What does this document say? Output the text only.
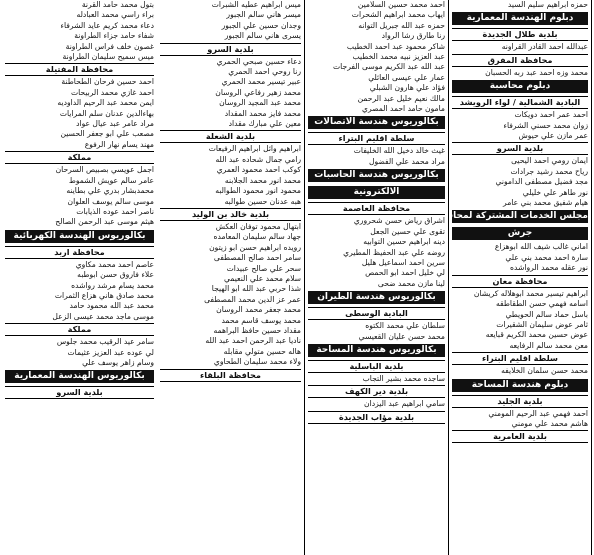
بتول محمد حامد القرنة
براء راسي محمد العبادله
دعاء محمد كريم عايد الشرفاء
شفاء حامد جزاء الطراونة
غصون خلف فراس الطراونة
ميس سميح سليمان الطراونة
محافظة المفتيلة
احمد حسين فرحان الطحاطنة
احمد غازي محمد الربيحات
ايمن محمد عبد الرحيم الداوديه
بهاءالدين عدنان سلم المرايات
مراد عامر عبد عيال عواد
مصعب علي ابو جعفر الحسين
مهند يسام نهار الرفوع
مملكة
اجمل عويسي بصبيص السرحان
عامر سالم عويش الشموط
محمدبشار بدري علي بطاينه
موسى سالم يوسف العلوان
ناصر احمد عوده الذيابات
هيثم موسى عبد الرحمن الصالح
بكالوريوس الهندسة الكهربائية
محافظة اربد
عاصم احمد محمد مكاوي
علاء فاروق حسن ابوطبه
محمد يسام مرشد رواشده
محمد صادق هاني هزاع الثمرات
محمد عبد الله محمود حامد
موسى ماجد محمد عيسى الزعل
مملكة
سامر عيد الرقيب محمد جلوس
لي عوده عبد العزيز عثيمات
وسام زاهر يوسف علي
بكالوريوس الهندسة المعمارية
بلدية السرو
ميس ابراهيم عطيه الشبرات
ميسر هاني سالم الجبور
وجدان حسين علي الجبور
يسرى هاني سالم الجبور
بلدية السرو
دعاء حسين صبحي الحمري
رنا روحي احمد الحمري
عبير تيسير محمد الحمري
محمد زهير رفاعي الروسان
محمد عبد المجيد الروسان
محمد فايز محمد المقداد
معين علي مبارك مقداد
بلدية الشعلة
ابراهيم وائل ابراهيم الرفيعات
رامي جمال شحاده عبد الله
كوكب احمد محمود العمري
محمد انور محمد الجلابنه
محمود انور محمود الطوالبه
هبه عدنان حسين طوالبه
بلدية خالد بن الوليد
ابتهال محمود توفان العكش
جهاد سالم سليمان المعامده
رويده ابراهيم حسن ابو زيتون
سامر احمد صالح المصطفى
سحر علي صالح عبيدات
سلام محمد علي النعيمي
شذا حربي عبد الله ابو الهيجا
عمر عز الدين محمد المصطفى
محمد جعفر محمد الروسان
محمد يوسف قاسم محمد
مقداد حسين حافظ البراهمه
ناديا عبد الرحمن احمد عبد الله
هاله حسين متولي مقابله
ولاء محمد سليمان الطحاوي
محافظة البلقاء
احمد محمد حسين السلامين
ايهاب محمد ابراهيم الشحرات
حمزه عبد الله جبريل التوانه
رنا طارق رشا الرواد
شاكر محمود عبد احمد الخطيب
عبد العزيز نبيه محمد الخطيب
عبد الله عبد الكريم موسى الفرجات
عمار علي عيسى العائلي
فؤاد علي هارون الشبلي
مالك نعيم خليل عبد الرحمن
مامون حامد احمد المصري
بكالوريوس هندسة الاتصالات
سلطة اقليم البتراء
غيث خالد دخيل الله الخليفات
مراد محمد علي الفضول
بكالوريوس هندسة الحاسبات
الالكترونية
محافظة العاصمة
اشراق رياض حسن شحروري
تقوى علي حسين الجعل
دينه ابراهيم حسين التوابيه
روضه علي عبد الحفيظ المطيري
سرين احمد اسماعيل هليل
لي خليل احمد ابو الحمص
لينا مازن محمد ضحى
بكالوريوس هندسة الطيران
البادية الوسطى
سلطان علي محمد الكتوه
محمد حسن عليان القعيسي
بكالوريوس هندسة المساحة
بلدية الباسلية
ساجده محمد بشير التجاب
بلدية دير الكهف
سامي ابراهيم عبد اليزدان
بلدية مؤاب الجديدة
حمزه ابراهيم سليم السيد
دبلوم الهندسة المعمارية
بلدية طلال الجديدة
عبدالله احمد القادر القراونه
محافظة المفرق
محمد وزه احمد عبد ربه الحسبان
دبلوم محاسبة
البادية الشمالية / لواء الرويشد
احمد عمر احمد دويكات
زوان محمد حسني الشرفاء
عمر مازن علي حيوش
بلدية السرو
ايمان رومي احمد اليحيى
رياح محمد رشيد جرادات
مجد فضيل مصطفى الداموني
نور طاهر علي خليلي
هيام شفيق محمد بني عامر
مجلس الخدمات المشتركة لمحافظة
جرش
اماني غالب شيف الله ابوهزاع
سارة احمد محمد بني علي
نور عقله محمد الرواشده
محافظة معان
ابراهيم تيسير محمد ابوهلاله كريشان
اسامه فهمي حسن الطقاطقه
باسل حماد سالم الحويطي
ثامر عوض سليمان الشقيرات
عوض حسين محمد الكريم قبايعه
معن محمد سالم الرفايعه
سلطة اقليم البتراء
محمد حسن سلمان الخلايفه
دبلوم هندسة المساحة
بلدية الجليد
احمد فهمي عبد الرحيم المومني
هاشم محمد علي مومني
بلدية العامرية
